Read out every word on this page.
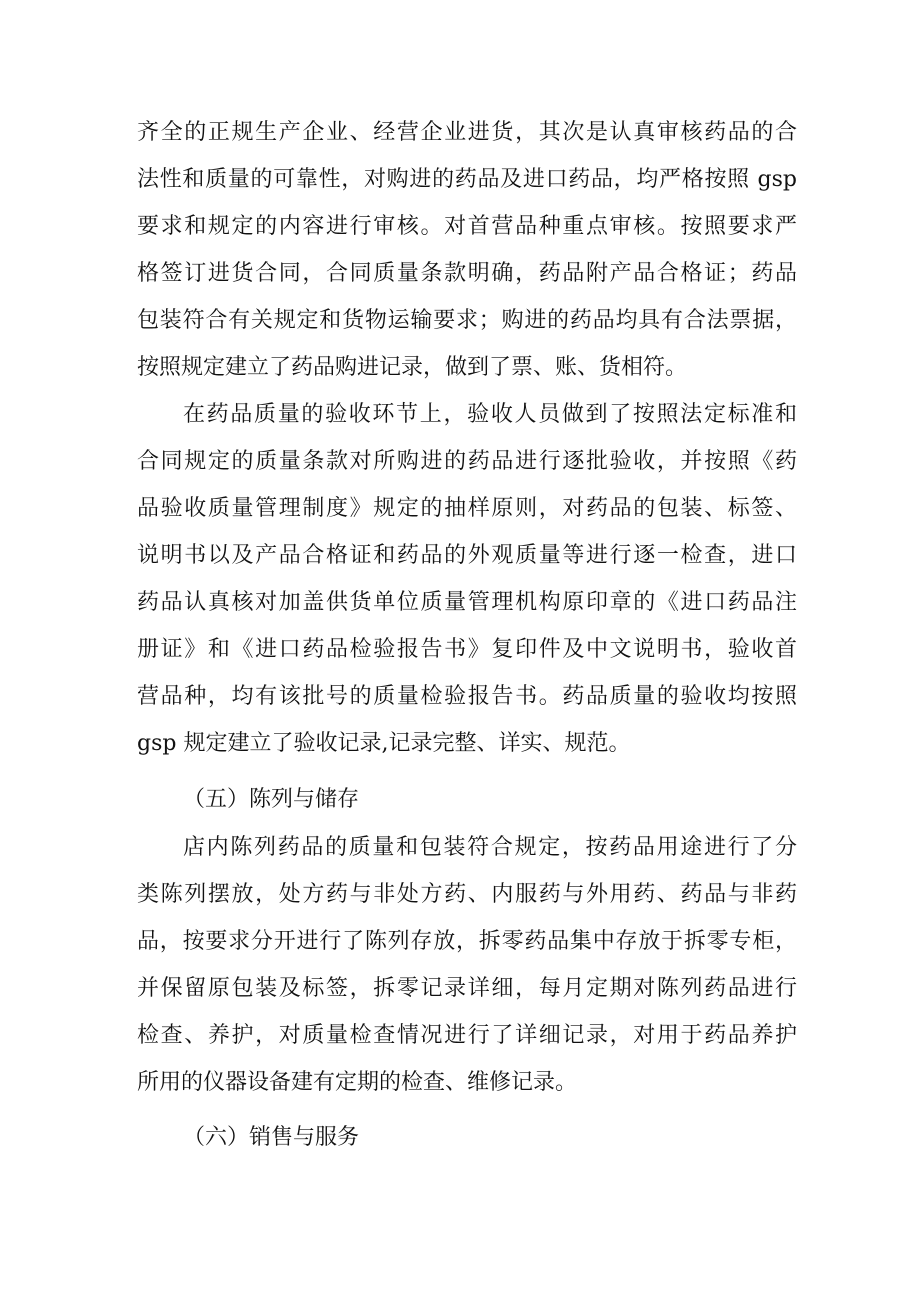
齐全的正规生产企业、经营企业进货，其次是认真审核药品的合
法性和质量的可靠性，对购进的药品及进口药品，均严格按照 gsp
要求和规定的内容进行审核。对首营品种重点审核。按照要求严
格签订进货合同，合同质量条款明确，药品附产品合格证；药品
包装符合有关规定和货物运输要求；购进的药品均具有合法票据，
按照规定建立了药品购进记录，做到了票、账、货相符。
在药品质量的验收环节上，验收人员做到了按照法定标准和
合同规定的质量条款对所购进的药品进行逐批验收，并按照《药
品验收质量管理制度》规定的抽样原则，对药品的包装、标签、
说明书以及产品合格证和药品的外观质量等进行逐一检查，进口
药品认真核对加盖供货单位质量管理机构原印章的《进口药品注
册证》和《进口药品检验报告书》复印件及中文说明书，验收首
营品种，均有该批号的质量检验报告书。药品质量的验收均按照
gsp 规定建立了验收记录,记录完整、详实、规范。
（五）陈列与储存
店内陈列药品的质量和包装符合规定，按药品用途进行了分
类陈列摆放，处方药与非处方药、内服药与外用药、药品与非药
品，按要求分开进行了陈列存放，拆零药品集中存放于拆零专柜，
并保留原包装及标签，拆零记录详细，每月定期对陈列药品进行
检查、养护，对质量检查情况进行了详细记录，对用于药品养护
所用的仪器设备建有定期的检查、维修记录。
（六）销售与服务
